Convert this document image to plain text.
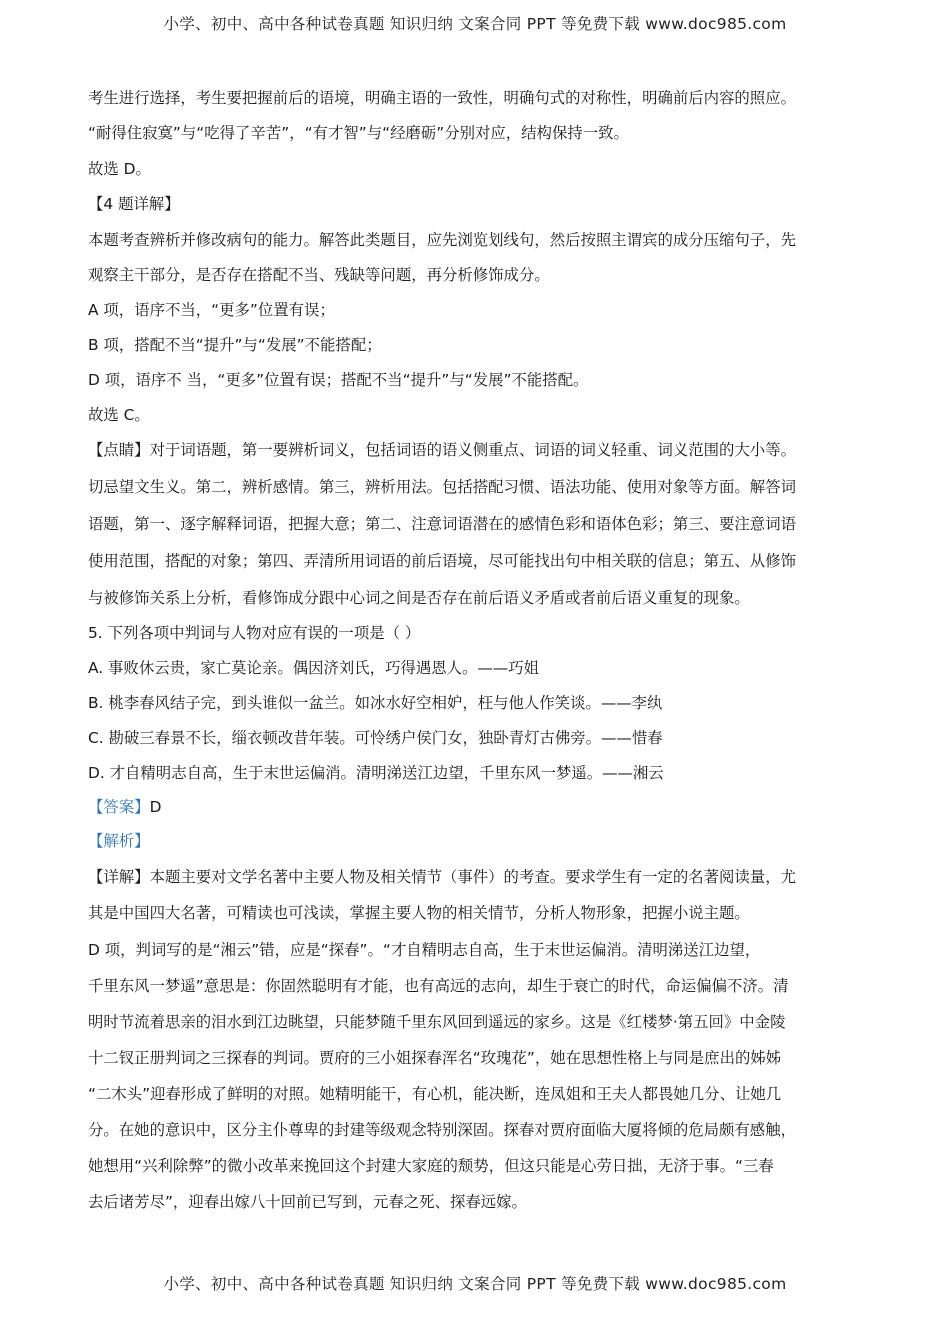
小学、初中、高中各种试卷真题 知识归纳 文案合同 PPT 等免费下载 www.doc985.com
考生进行选择，考生要把握前后的语境，明确主语的一致性，明确句式的对称性，明确前后内容的照应。
“耐得住寂寞”与“吃得了辛苦”，“有才智”与“经磨砺”分别对应，结构保持一致。
故选 D。
【4 题详解】
本题考查辨析并修改病句的能力。解答此类题目，应先浏览划线句，然后按照主谓宾的成分压缩句子，先
观察主干部分，是否存在搭配不当、残缺等问题，再分析修饰成分。
A 项，语序不当，“更多”位置有误；
B 项，搭配不当“提升”与“发展”不能搭配；
D 项，语序不 当，“更多”位置有误；搭配不当“提升”与“发展”不能搭配。
故选 C。
【点睛】对于词语题，第一要辨析词义，包括词语的语义侧重点、词语的词义轻重、词义范围的大小等。
切忌望文生义。第二，辨析感情。第三，辨析用法。包括搭配习惯、语法功能、使用对象等方面。解答词
语题，第一、逐字解释词语，把握大意；第二、注意词语潜在的感情色彩和语体色彩；第三、要注意词语
使用范围，搭配的对象；第四、弄清所用词语的前后语境，尽可能找出句中相关联的信息；第五、从修饰
与被修饰关系上分析，看修饰成分跟中心词之间是否存在前后语义矛盾或者前后语义重复的现象。
5. 下列各项中判词与人物对应有误的一项是（ ）
A. 事败休云贵，家亡莫论亲。偶因济刘氏，巧得遇恩人。——巧姐
B. 桃李春风结子完，到头谁似一盆兰。如冰水好空相妒，枉与他人作笑谈。——李纨
C. 勘破三春景不长，缁衣顿改昔年装。可怜绣户侯门女，独卧青灯古佛旁。——惜春
D. 才自精明志自高，生于末世运偏消。清明涕送江边望，千里东风一梦遥。——湘云
【答案】D
【解析】
【详解】本题主要对文学名著中主要人物及相关情节（事件）的考查。要求学生有一定的名著阅读量，尤
其是中国四大名著，可精读也可浅读，掌握主要人物的相关情节，分析人物形象，把握小说主题。
D 项，判词写的是“湘云”错，应是“探春”。“才自精明志自高，生于末世运偏消。清明涕送江边望，
千里东风一梦遥”意思是：你固然聪明有才能，也有高远的志向，却生于衰亡的时代，命运偏偏不济。清
明时节流着思亲的泪水到江边眺望，只能梦随千里东风回到遥远的家乡。这是《红楼梦·第五回》中金陵
十二钗正册判词之三探春的判词。贾府的三小姐探春浑名“玫瑰花”，她在思想性格上与同是庶出的姊姊
“二木头”迎春形成了鲜明的对照。她精明能干，有心机，能决断，连凤姐和王夫人都畏她几分、让她几
分。在她的意识中，区分主仆尊卑的封建等级观念特别深固。探春对贾府面临大厦将倾的危局颇有感触，
她想用“兴利除弊”的微小改革来挽回这个封建大家庭的颓势，但这只能是心劳日拙，无济于事。“三春
去后诸芳尽”，迎春出嫁八十回前已写到，元春之死、探春远嫁。
小学、初中、高中各种试卷真题 知识归纳 文案合同 PPT 等免费下载 www.doc985.com
